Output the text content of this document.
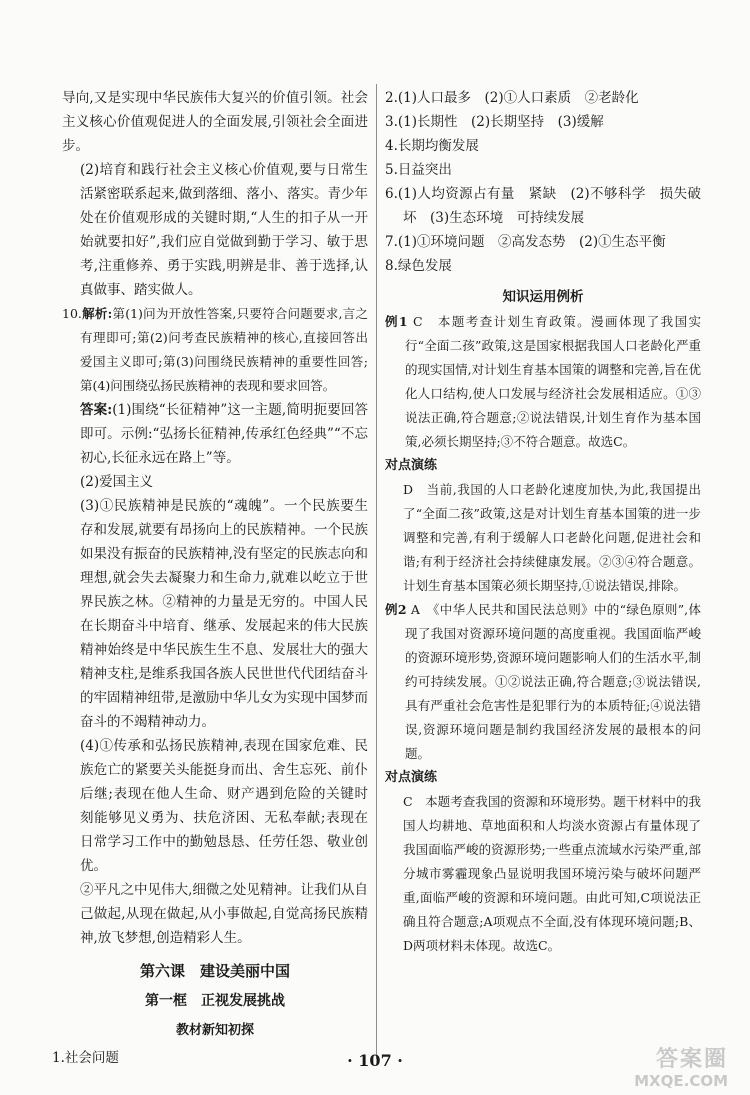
导向,又是实现中华民族伟大复兴的价值引领。社会主义核心价值观促进人的全面发展,引领社会全面进步。

(2)培育和践行社会主义核心价值观,要与日常生活紧密联系起来,做到落细、落小、落实。青少年处在价值观形成的关键时期,“人生的扣子从一开始就要扣好”,我们应自觉做到勤于学习、敏于思考,注重修养、勇于实践,明辨是非、善于选择,认真做事、踏实做人。

10.解析:第(1)问为开放性答案,只要符合问题要求,言之有理即可;第(2)问考查民族精神的核心,直接回答出爱国主义即可;第(3)问围绕民族精神的重要性回答;第(4)问围绕弘扬民族精神的表现和要求回答。

答案:(1)围绕“长征精神”这一主题,简明扼要回答即可。示例:“弘扬长征精神,传承红色经典”“不忘初心,长征永远在路上”等。

(2)爱国主义

(3)①民族精神是民族的“魂魄”。一个民族要生存和发展,就要有昂扬向上的民族精神。一个民族如果没有振奋的民族精神,没有坚定的民族志向和理想,就会失去凝聚力和生命力,就难以屹立于世界民族之林。②精神的力量是无穷的。中国人民在长期奋斗中培育、继承、发展起来的伟大民族精神始终是中华民族生生不息、发展壮大的强大精神支柱,是维系我国各族人民世世代代团结奋斗的牢固精神纽带,是激励中华儿女为实现中国梦而奋斗的不竭精神动力。

(4)①传承和弘扬民族精神,表现在国家危难、民族危亡的紧要关头能挺身而出、舍生忘死、前仆后继;表现在他人生命、财产遇到危险的关键时刻能够见义勇为、扶危济困、无私奉献;表现在日常学习工作中的勤勉恳恳、任劳任怨、敬业创优。

②平凡之中见伟大,细微之处见精神。让我们从自己做起,从现在做起,从小事做起,自觉高扬民族精神,放飞梦想,创造精彩人生。

第六课　建设美丽中国
第一框　正视发展挑战
教材新知初探

1.社会问题

2.(1)人口最多　(2)①人口素质　②老龄化

3.(1)长期性　(2)长期坚持　(3)缓解

4.长期均衡发展

5.日益突出

6.(1)人均资源占有量　紧缺　(2)不够科学　损失破坏　(3)生态环境　可持续发展

7.(1)①环境问题　②高发态势　(2)①生态平衡

8.绿色发展

知识运用例析

例1 C　本题考查计划生育政策。漫画体现了我国实行“全面二孩”政策,这是国家根据我国人口老龄化严重的现实国情,对计划生育基本国策的调整和完善,旨在优化人口结构,使人口发展与经济社会发展相适应。①③说法正确,符合题意;②说法错误,计划生育作为基本国策,必须长期坚持;③不符合题意。故选C。

对点演练

D　当前,我国的人口老龄化速度加快,为此,我国提出了“全面二孩”政策,这是对计划生育基本国策的进一步调整和完善,有利于缓解人口老龄化问题,促进社会和谐;有利于经济社会持续健康发展。②③④符合题意。计划生育基本国策必须长期坚持,①说法错误,排除。

例2 A　《中华人民共和国民法总则》中的“绿色原则”,体现了我国对资源环境问题的高度重视。我国面临严峻的资源环境形势,资源环境问题影响人们的生活水平,制约可持续发展。①②说法正确,符合题意;③说法错误,具有严重社会危害性是犯罪行为的本质特征;④说法错误,资源环境问题是制约我国经济发展的最根本的问题。

对点演练

C　本题考查我国的资源和环境形势。题干材料中的我国人均耕地、草地面积和人均淡水资源占有量体现了我国面临严峻的资源形势;一些重点流域水污染严重,部分城市雾霾现象凸显说明我国环境污染与破坏问题严重,面临严峻的资源和环境问题。由此可知,C项说法正确且符合题意;A项观点不全面,没有体现环境问题;B、D两项材料未体现。故选C。

· 107 ·	答案圈
MXQE.COM
